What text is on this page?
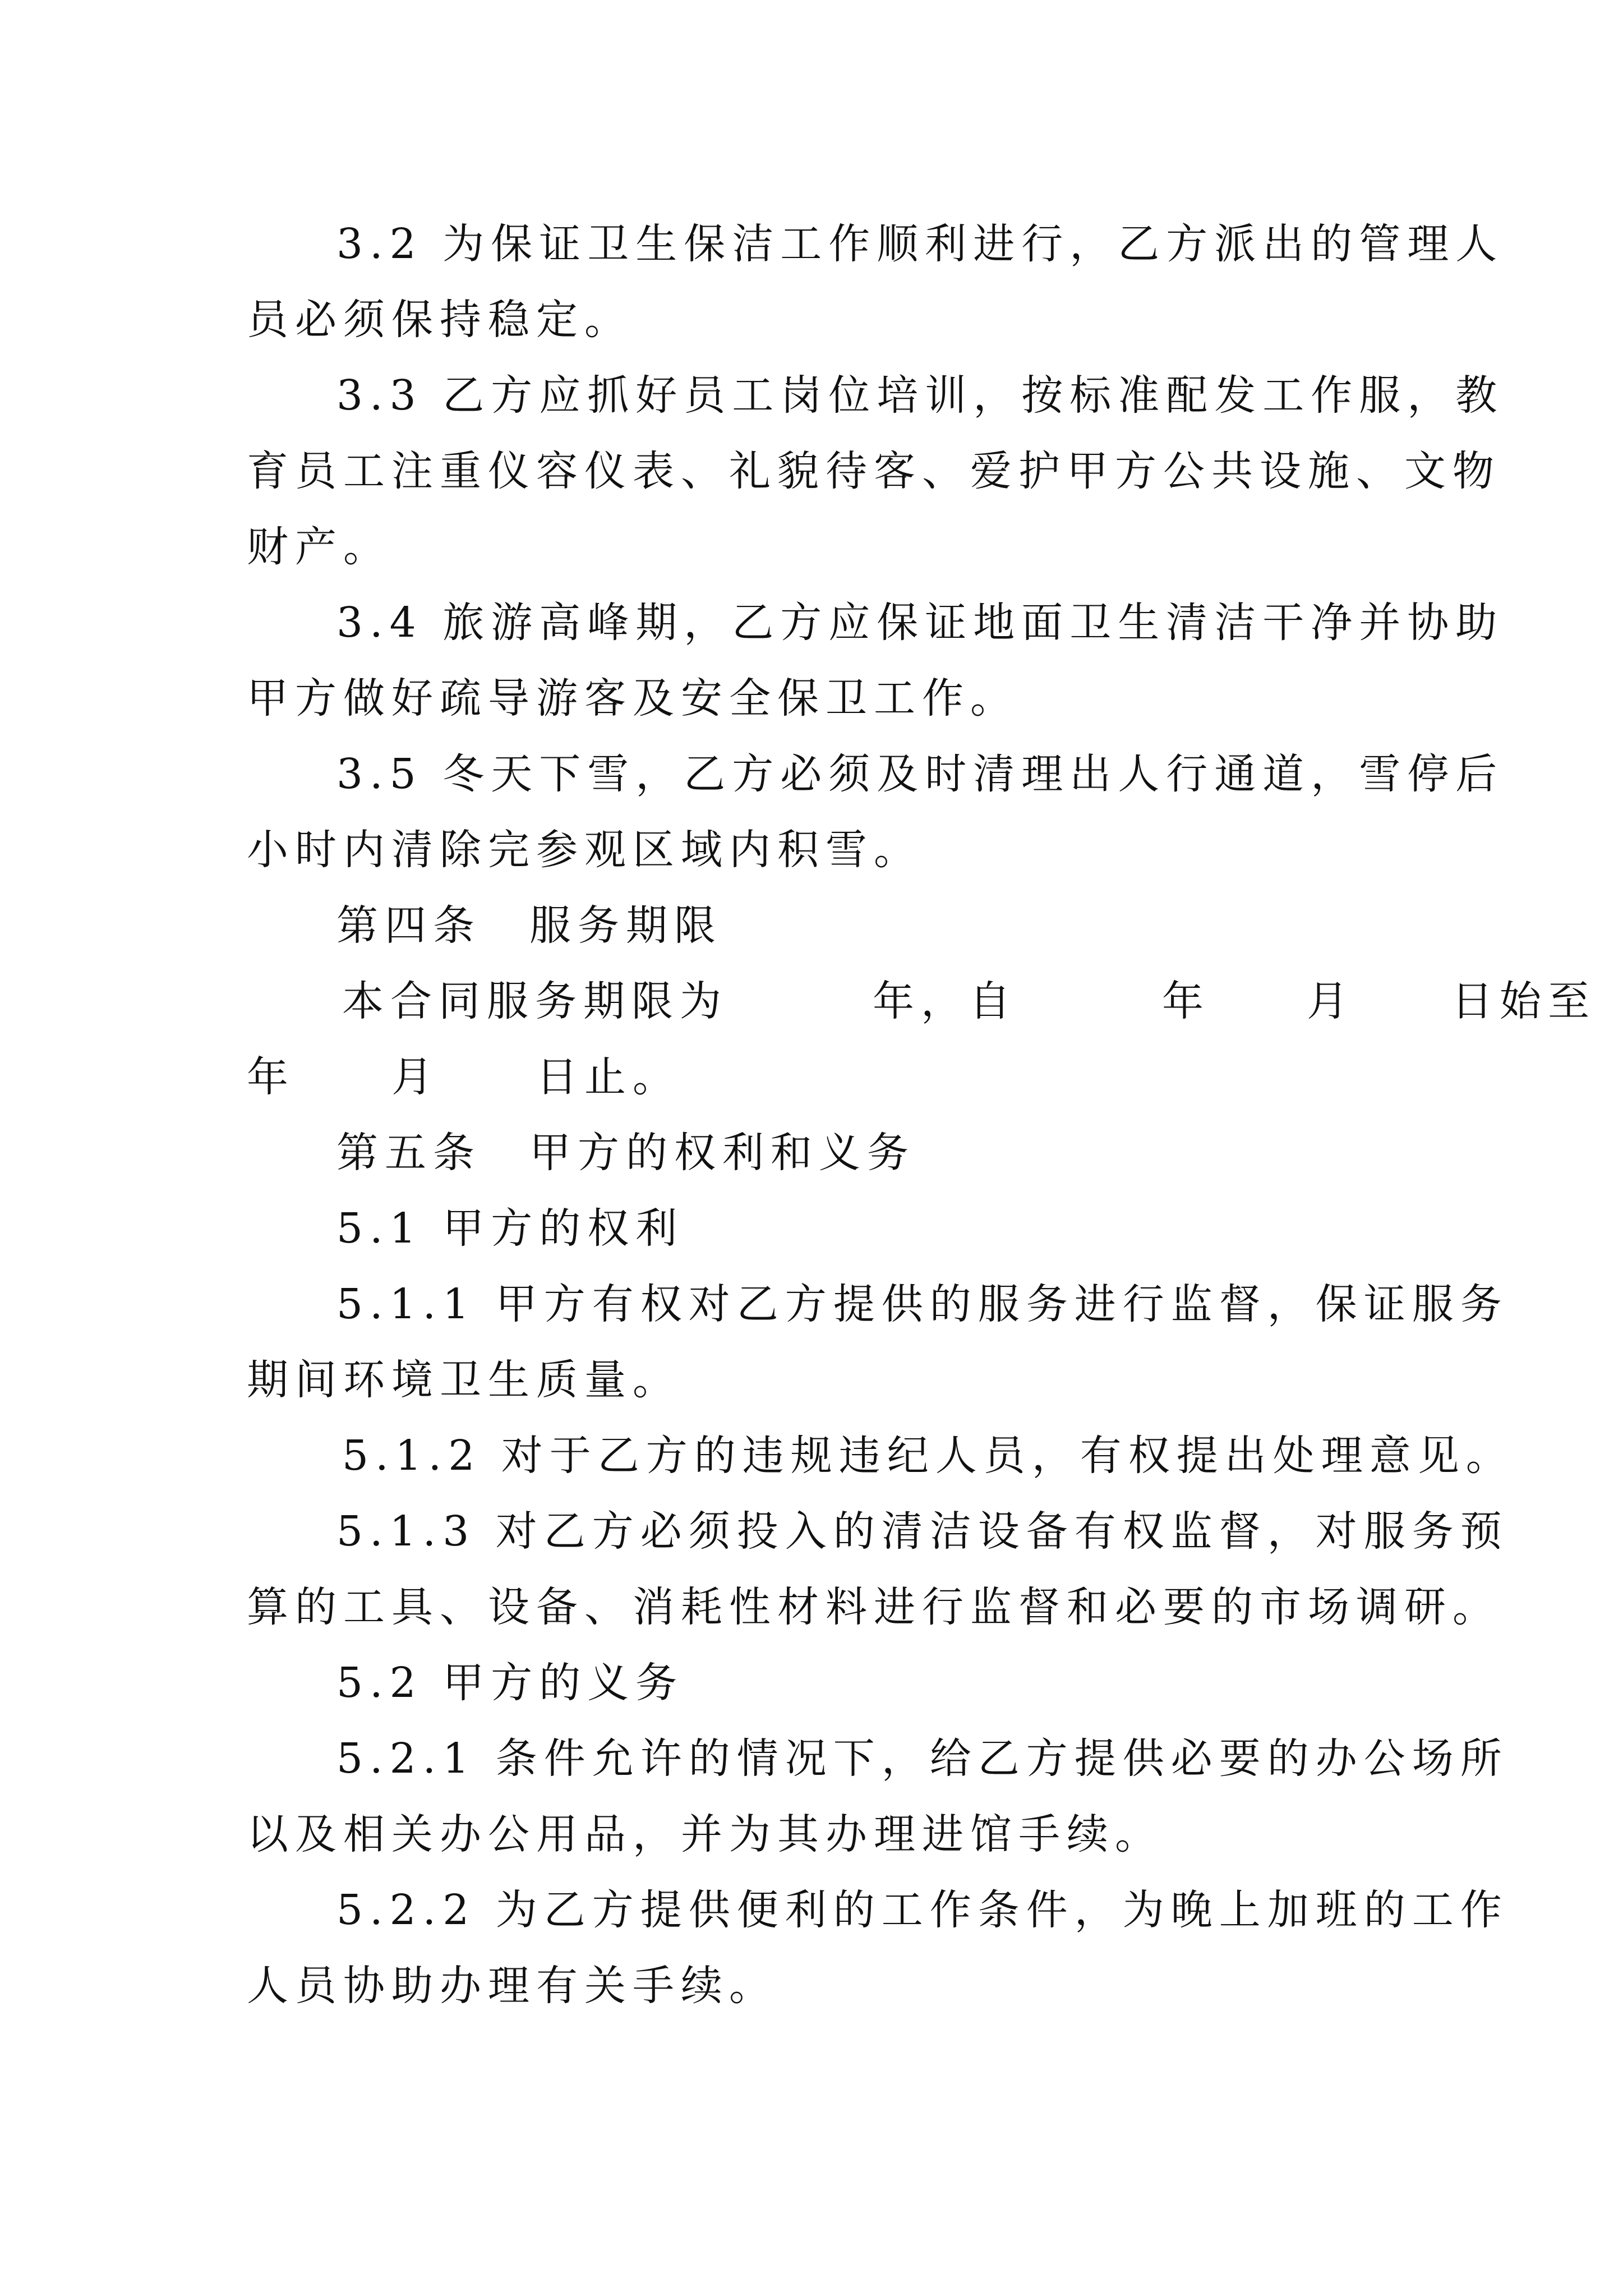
3.2 为保证卫生保洁工作顺利进行，乙方派出的管理人
员必须保持稳定。
3.3 乙方应抓好员工岗位培训，按标准配发工作服，教
育员工注重仪容仪表、礼貌待客、爱护甲方公共设施、文物
财产。
3.4 旅游高峰期，乙方应保证地面卫生清洁干净并协助
甲方做好疏导游客及安全保卫工作。
3.5 冬天下雪，乙方必须及时清理出人行通道，雪停后
小时内清除完参观区域内积雪。
第四条　服务期限
本合同服务期限为　　　年，自　　　年　　月　　日始至
年　　月　　日止。
第五条　甲方的权利和义务
5.1 甲方的权利
5.1.1 甲方有权对乙方提供的服务进行监督，保证服务
期间环境卫生质量。
5.1.2 对于乙方的违规违纪人员，有权提出处理意见。
5.1.3 对乙方必须投入的清洁设备有权监督，对服务预
算的工具、设备、消耗性材料进行监督和必要的市场调研。
5.2 甲方的义务
5.2.1 条件允许的情况下，给乙方提供必要的办公场所
以及相关办公用品，并为其办理进馆手续。
5.2.2 为乙方提供便利的工作条件，为晚上加班的工作
人员协助办理有关手续。
